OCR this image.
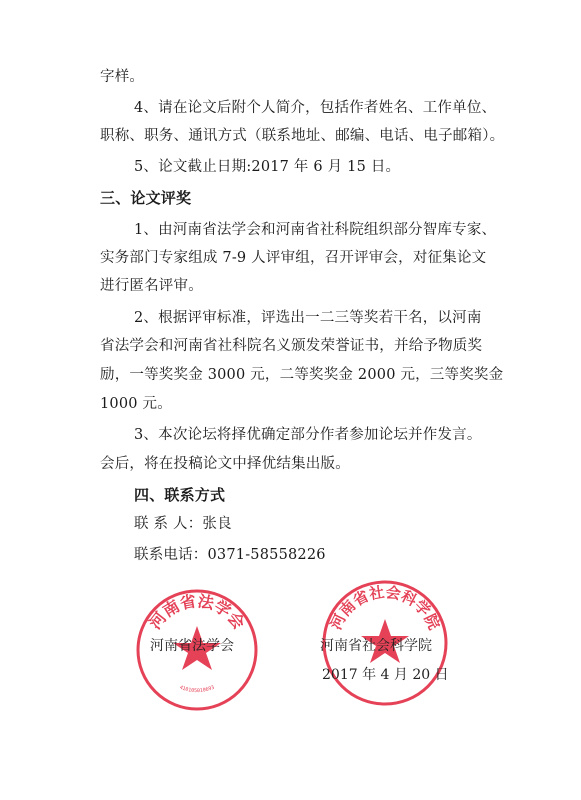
字样。
4、请在论文后附个人简介，包括作者姓名、工作单位、
职称、职务、通讯方式（联系地址、邮编、电话、电子邮箱）。
5、论文截止日期:2017 年 6 月 15 日。
三、论文评奖
1、由河南省法学会和河南省社科院组织部分智库专家、
实务部门专家组成 7-9 人评审组，召开评审会，对征集论文
进行匿名评审。
2、根据评审标准，评选出一二三等奖若干名，以河南
省法学会和河南省社科院名义颁发荣誉证书，并给予物质奖
励，一等奖奖金 3000 元，二等奖奖金 2000 元，三等奖奖金
1000 元。
3、本次论坛将择优确定部分作者参加论坛并作发言。
会后，将在投稿论文中择优结集出版。
四、联系方式
联 系 人：张良
联系电话：0371-58558226
河南省法学会
410105010693
河南省社会科学院
河南省法学会	河南省社会科学院
2017 年 4 月 20 日
